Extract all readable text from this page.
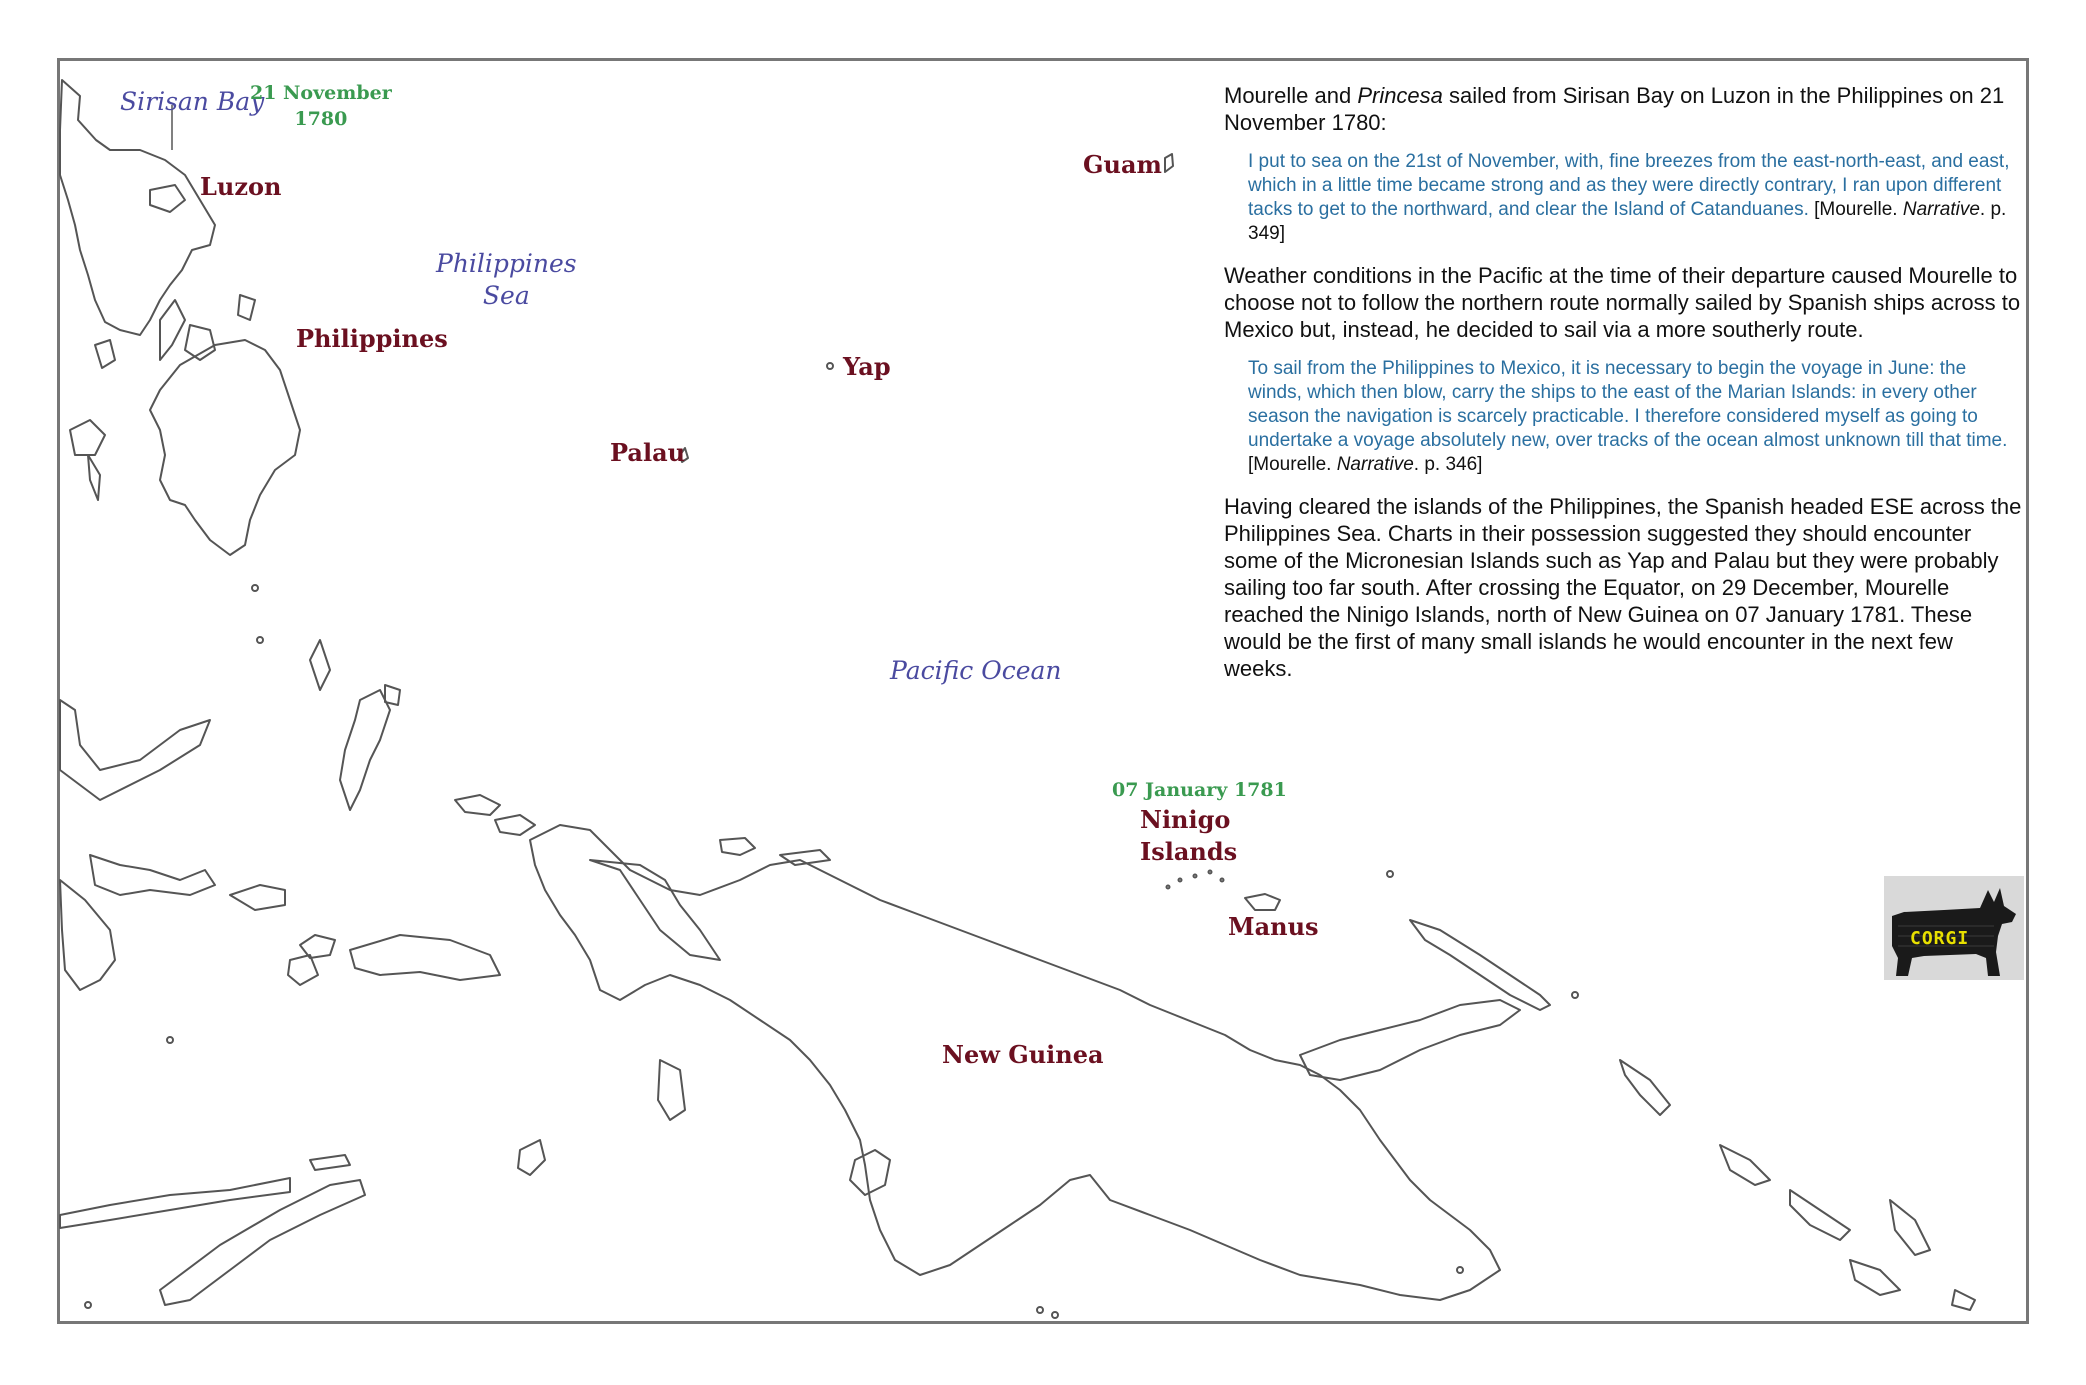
Sirisan Bay
21 November
1780
Luzon
Philippines
Sea
Philippines
Guam
Yap
Palau
Pacific Ocean
07 January 1781
Ninigo
Islands
Manus
New Guinea

Mourelle and Princesa sailed from Sirisan Bay on Luzon in the Philippines on 21 November 1780:

I put to sea on the 21st of November, with, fine breezes from the east-north-east, and east, which in a little time became strong and as they were directly contrary, I ran upon different tacks to get to the northward, and clear the Island of Catanduanes. [Mourelle. Narrative. p. 349]

Weather conditions in the Pacific at the time of their departure caused Mourelle to choose not to follow the northern route normally sailed by Spanish ships across to Mexico but, instead, he decided to sail via a more southerly route.

To sail from the Philippines to Mexico, it is necessary to begin the voyage in June: the winds, which then blow, carry the ships to the east of the Marian Islands: in every other season the navigation is scarcely practicable. I therefore considered myself as going to undertake a voyage absolutely new, over tracks of the ocean almost unknown till that time. [Mourelle. Narrative. p. 346]

Having cleared the islands of the Philippines, the Spanish headed ESE across the Philippines Sea. Charts in their possession suggested they should encounter some of the Micronesian Islands such as Yap and Palau but they were probably sailing too far south. After crossing the Equator, on 29 December, Mourelle reached the Ninigo Islands, north of New Guinea on 07 January 1781. These would be the first of many small islands he would encounter in the next few weeks.

CORGI
